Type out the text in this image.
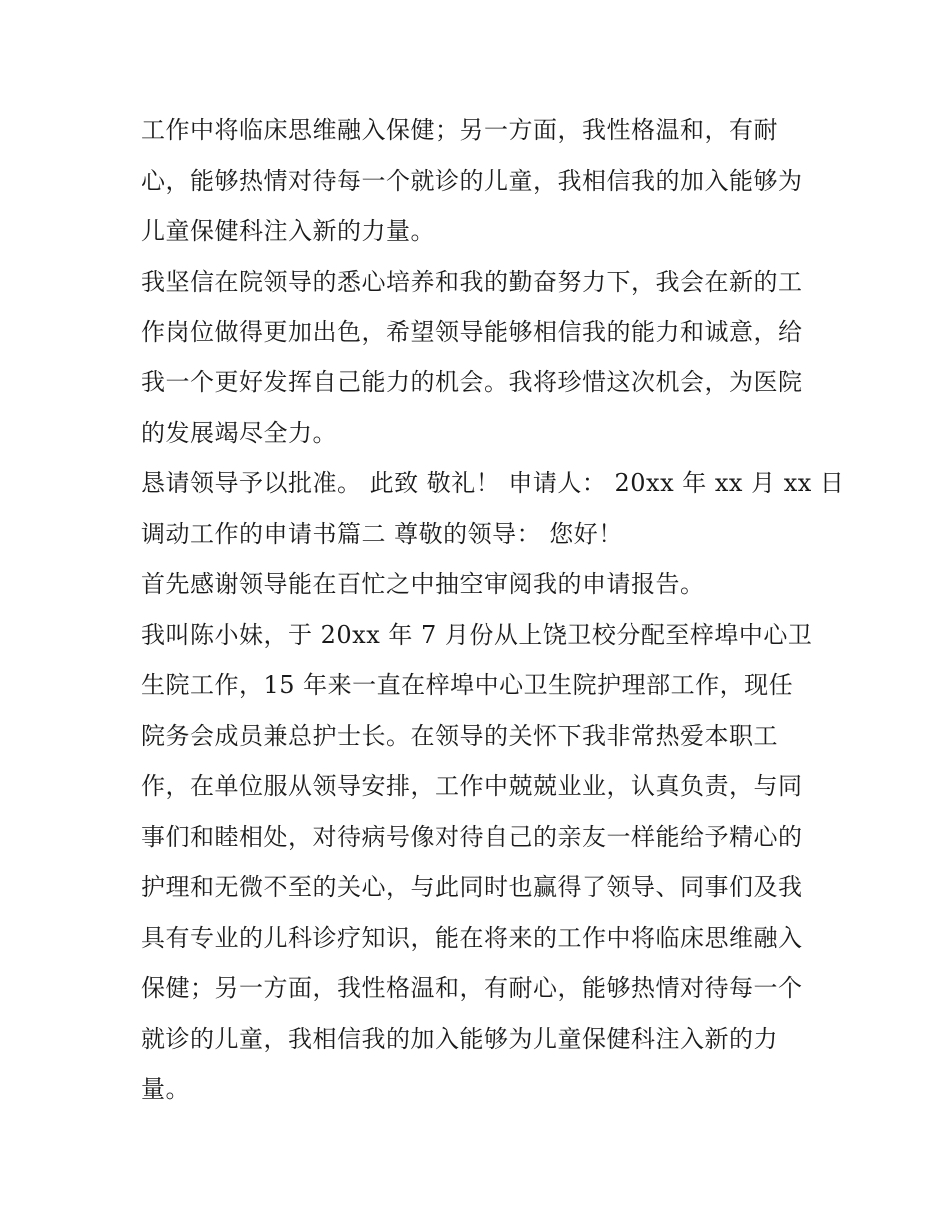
工作中将临床思维融入保健；另一方面，我性格温和，有耐
心，能够热情对待每一个就诊的儿童，我相信我的加入能够为
儿童保健科注入新的力量。
我坚信在院领导的悉心培养和我的勤奋努力下，我会在新的工
作岗位做得更加出色，希望领导能够相信我的能力和诚意，给
我一个更好发挥自己能力的机会。我将珍惜这次机会，为医院
的发展竭尽全力。
恳请领导予以批准。 此致 敬礼！ 申请人： 20xx 年 xx 月 xx 日
调动工作的申请书篇二 尊敬的领导： 您好！
首先感谢领导能在百忙之中抽空审阅我的申请报告。
我叫陈小妹，于 20xx 年 7 月份从上饶卫校分配至梓埠中心卫
生院工作，15 年来一直在梓埠中心卫生院护理部工作，现任
院务会成员兼总护士长。在领导的关怀下我非常热爱本职工
作，在单位服从领导安排，工作中兢兢业业，认真负责，与同
事们和睦相处，对待病号像对待自己的亲友一样能给予精心的
护理和无微不至的关心，与此同时也赢得了领导、同事们及我
具有专业的儿科诊疗知识，能在将来的工作中将临床思维融入
保健；另一方面，我性格温和，有耐心，能够热情对待每一个
就诊的儿童，我相信我的加入能够为儿童保健科注入新的力
量。
